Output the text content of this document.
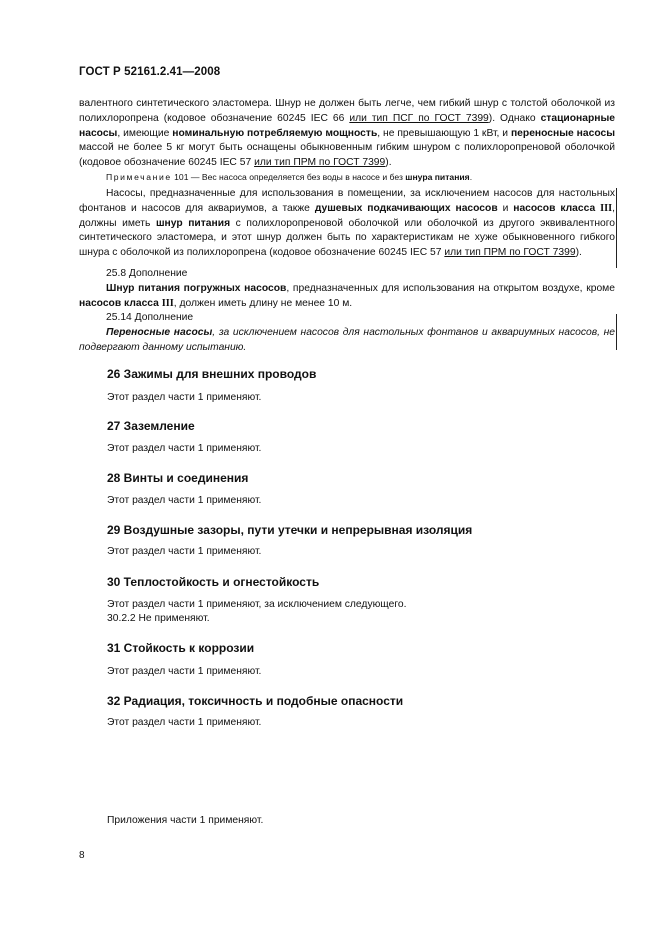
ГОСТ Р 52161.2.41—2008

валентного синтетического эластомера. Шнур не должен быть легче, чем гибкий шнур с толстой оболочкой из полихлоропрена (кодовое обозначение 60245 IEC 66 или тип ПСГ по ГОСТ 7399). Однако стационарные насосы, имеющие номинальную потребляемую мощность, не превышающую 1 кВт, и переносные насосы массой не более 5 кг могут быть оснащены обыкновенным гибким шнуром с полихлоропреновой оболочкой (кодовое обозначение 60245 IEC 57 или тип ПРМ по ГОСТ 7399).

Примечание 101 — Вес насоса определяется без воды в насосе и без шнура питания.

Насосы, предназначенные для использования в помещении, за исключением насосов для настольных фонтанов и насосов для аквариумов, а также душевых подкачивающих насосов и насосов класса III, должны иметь шнур питания с полихлоропреновой оболочкой или оболочкой из другого эквивалентного синтетического эластомера, и этот шнур должен быть по характеристикам не хуже обыкновенного гибкого шнура с оболочкой из полихлоропрена (кодовое обозначение 60245 IEC 57 или тип ПРМ по ГОСТ 7399).

25.8 Дополнение

Шнур питания погружных насосов, предназначенных для использования на открытом воздухе, кроме насосов класса III, должен иметь длину не менее 10 м.

25.14 Дополнение

Переносные насосы, за исключением насосов для настольных фонтанов и аквариумных насосов, не подвергают данному испытанию.

26 Зажимы для внешних проводов
Этот раздел части 1 применяют.
27 Заземление
Этот раздел части 1 применяют.
28 Винты и соединения
Этот раздел части 1 применяют.
29 Воздушные зазоры, пути утечки и непрерывная изоляция
Этот раздел части 1 применяют.
30 Теплостойкость и огнестойкость
Этот раздел части 1 применяют, за исключением следующего.
30.2.2 Не применяют.
31 Стойкость к коррозии
Этот раздел части 1 применяют.
32 Радиация, токсичность и подобные опасности
Этот раздел части 1 применяют.
Приложения части 1 применяют.
8
